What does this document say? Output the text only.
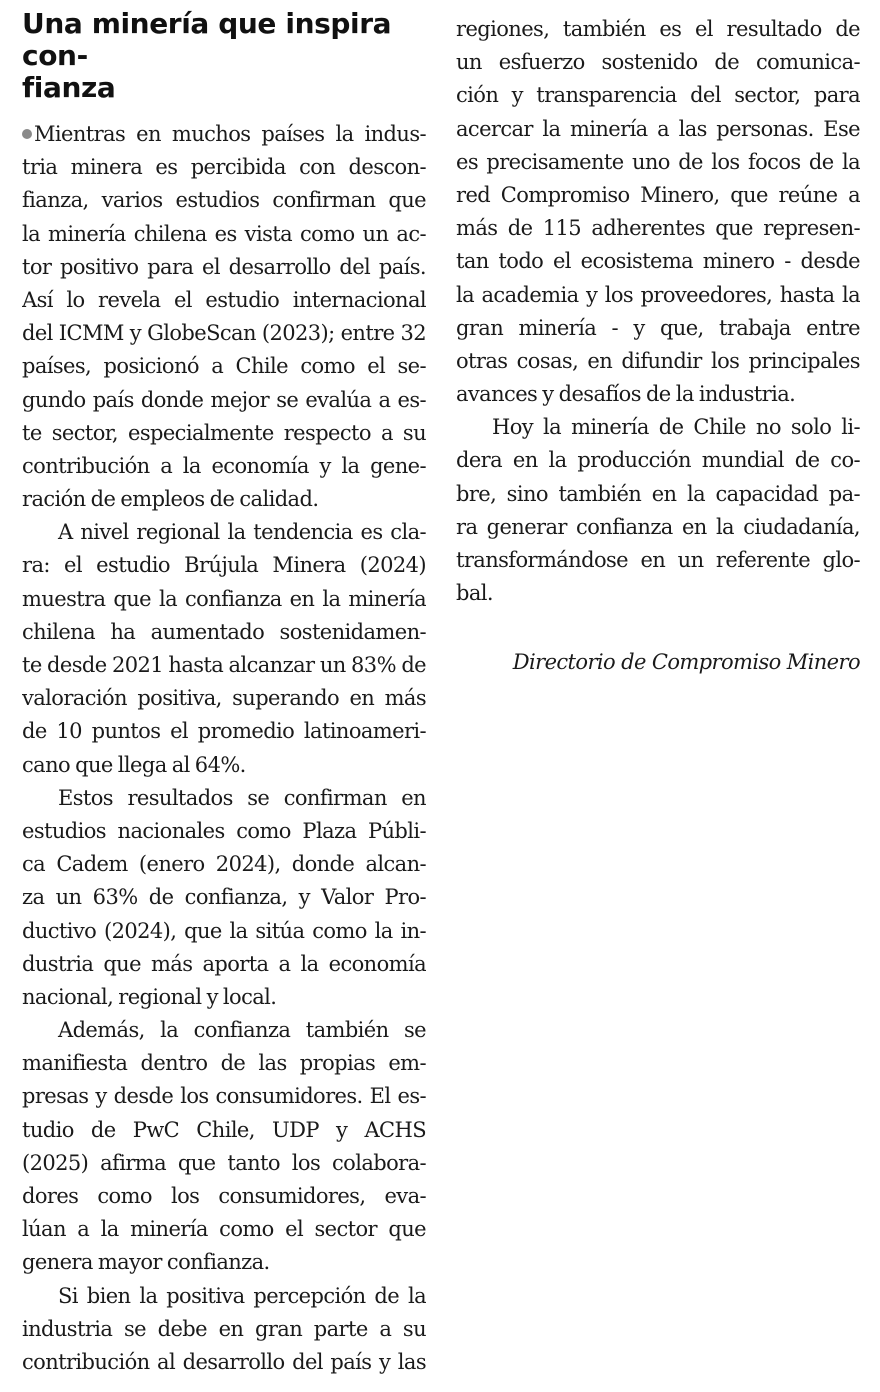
Una minería que inspira con-
fianza
Mientras en muchos países la indus-
tria minera es percibida con descon-
fianza, varios estudios confirman que
la minería chilena es vista como un ac-
tor positivo para el desarrollo del país.
Así lo revela el estudio internacional
del ICMM y GlobeScan (2023); entre 32
países, posicionó a Chile como el se-
gundo país donde mejor se evalúa a es-
te sector, especialmente respecto a su
contribución a la economía y la gene-
ración de empleos de calidad.
A nivel regional la tendencia es cla-
ra: el estudio Brújula Minera (2024)
muestra que la confianza en la minería
chilena ha aumentado sostenidamen-
te desde 2021 hasta alcanzar un 83% de
valoración positiva, superando en más
de 10 puntos el promedio latinoameri-
cano que llega al 64%.
Estos resultados se confirman en
estudios nacionales como Plaza Públi-
ca Cadem (enero 2024), donde alcan-
za un 63% de confianza, y Valor Pro-
ductivo (2024), que la sitúa como la in-
dustria que más aporta a la economía
nacional, regional y local.
Además, la confianza también se
manifiesta dentro de las propias em-
presas y desde los consumidores. El es-
tudio de PwC Chile, UDP y ACHS
(2025) afirma que tanto los colabora-
dores como los consumidores, eva-
lúan a la minería como el sector que
genera mayor confianza.
Si bien la positiva percepción de la
industria se debe en gran parte a su
contribución al desarrollo del país y las
regiones, también es el resultado de
un esfuerzo sostenido de comunica-
ción y transparencia del sector, para
acercar la minería a las personas. Ese
es precisamente uno de los focos de la
red Compromiso Minero, que reúne a
más de 115 adherentes que represen-
tan todo el ecosistema minero - desde
la academia y los proveedores, hasta la
gran minería - y que, trabaja entre
otras cosas, en difundir los principales
avances y desafíos de la industria.
Hoy la minería de Chile no solo li-
dera en la producción mundial de co-
bre, sino también en la capacidad pa-
ra generar confianza en la ciudadanía,
transformándose en un referente glo-
bal.
Directorio de Compromiso Minero
